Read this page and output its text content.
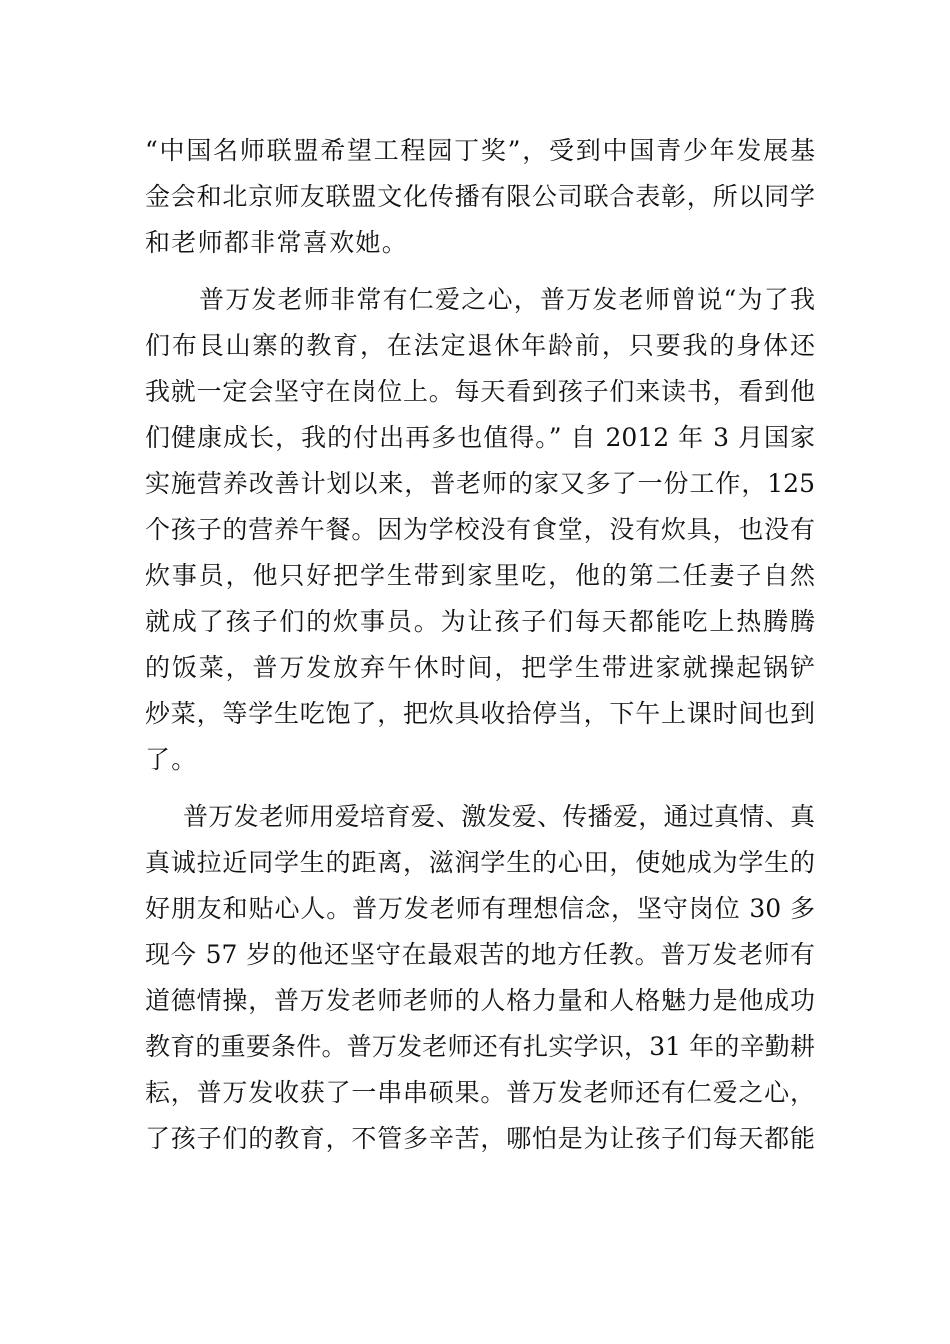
“中国名师联盟希望工程园丁奖”，受到中国青少年发展基
金会和北京师友联盟文化传播有限公司联合表彰，所以同学
和老师都非常喜欢她。
普万发老师非常有仁爱之心，普万发老师曾说“为了我
们布艮山寨的教育，在法定退休年龄前，只要我的身体还
我就一定会坚守在岗位上。每天看到孩子们来读书，看到他
们健康成长，我的付出再多也值得。” 自 2012 年 3 月国家
实施营养改善计划以来，普老师的家又多了一份工作，125
个孩子的营养午餐。因为学校没有食堂，没有炊具，也没有
炊事员，他只好把学生带到家里吃，他的第二任妻子自然
就成了孩子们的炊事员。为让孩子们每天都能吃上热腾腾
的饭菜，普万发放弃午休时间，把学生带进家就操起锅铲
炒菜，等学生吃饱了，把炊具收拾停当，下午上课时间也到
了。
普万发老师用爱培育爱、激发爱、传播爱，通过真情、真
真诚拉近同学生的距离，滋润学生的心田，使她成为学生的
好朋友和贴心人。普万发老师有理想信念，坚守岗位 30 多
现今 57 岁的他还坚守在最艰苦的地方任教。普万发老师有
道德情操，普万发老师老师的人格力量和人格魅力是他成功
教育的重要条件。普万发老师还有扎实学识，31 年的辛勤耕
耘，普万发收获了一串串硕果。普万发老师还有仁爱之心，
了孩子们的教育，不管多辛苦，哪怕是为让孩子们每天都能
